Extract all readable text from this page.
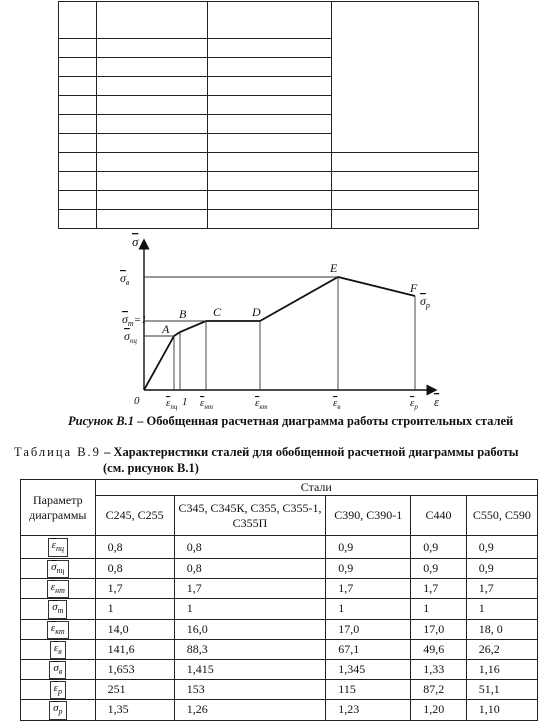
A
B C	D
E
F
σ
ε
0
$\sigma_в$
$\sigma_т=1$
$\sigma_{пц}$
$\sigma_р$
$\varepsilon_{пц}$ 1 $\varepsilon_{нт}$	$\varepsilon_{кт}$	$\varepsilon_в$	$\varepsilon_р$
Рисунок В.1 – Обобщенная расчетная диаграмма работы строительных сталей
Таблица В.9 – Характеристики сталей для обобщенной расчетной диаграммы работы
(см. рисунок В.1)
Параметр диаграммы	Стали				
	С245, С255	С345, С345К, С355, С355-1, С355П	С390, С390-1	С440	С550, С590
$\overline{\varepsilon}_{пц}$	0,8	0,8	0,9	0,9	0,9
$\overline{\sigma}_{пц}$	0,8	0,8	0,9	0,9	0,9
$\overline{\varepsilon}_{нт}$	1,7	1,7	1,7	1,7	1,7
$\overline{\sigma}_т$	1	1	1	1	1
$\overline{\varepsilon}_{кт}$	14,0	16,0	17,0	17,0	18, 0
$\overline{\varepsilon}_в$	141,6	88,3	67,1	49,6	26,2
$\overline{\sigma}_в$	1,653	1,415	1,345	1,33	1,16
$\overline{\varepsilon}_р$	251	153	115	87,2	51,1
$\overline{\sigma}_р$	1,35	1,26	1,23	1,20	1,10
